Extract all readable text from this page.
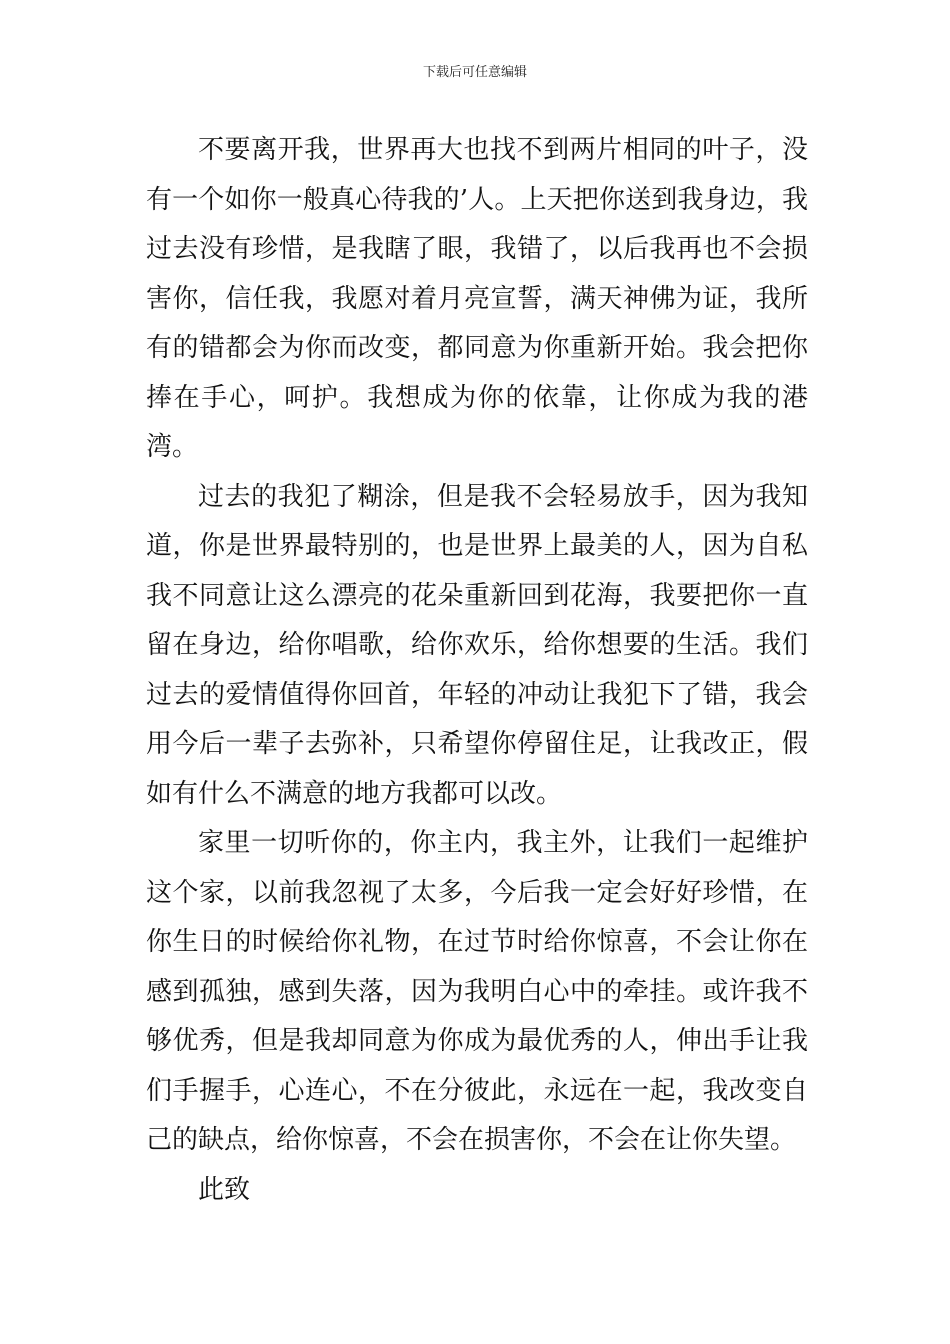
下载后可任意编辑

不要离开我，世界再大也找不到两片相同的叶子，没有一个如你一般真心待我的’人。上天把你送到我身边，我过去没有珍惜，是我瞎了眼，我错了，以后我再也不会损害你，信任我，我愿对着月亮宣誓，满天神佛为证，我所有的错都会为你而改变，都同意为你重新开始。我会把你捧在手心，呵护。我想成为你的依靠，让你成为我的港湾。

过去的我犯了糊涂，但是我不会轻易放手，因为我知道，你是世界最特别的，也是世界上最美的人，因为自私我不同意让这么漂亮的花朵重新回到花海，我要把你一直留在身边，给你唱歌，给你欢乐，给你想要的生活。我们过去的爱情值得你回首，年轻的冲动让我犯下了错，我会用今后一辈子去弥补，只希望你停留住足，让我改正，假如有什么不满意的地方我都可以改。

家里一切听你的，你主内，我主外，让我们一起维护这个家，以前我忽视了太多，今后我一定会好好珍惜，在你生日的时候给你礼物，在过节时给你惊喜，不会让你在感到孤独，感到失落，因为我明白心中的牵挂。或许我不够优秀，但是我却同意为你成为最优秀的人，伸出手让我们手握手，心连心，不在分彼此，永远在一起，我改变自己的缺点，给你惊喜，不会在损害你，不会在让你失望。

此致
